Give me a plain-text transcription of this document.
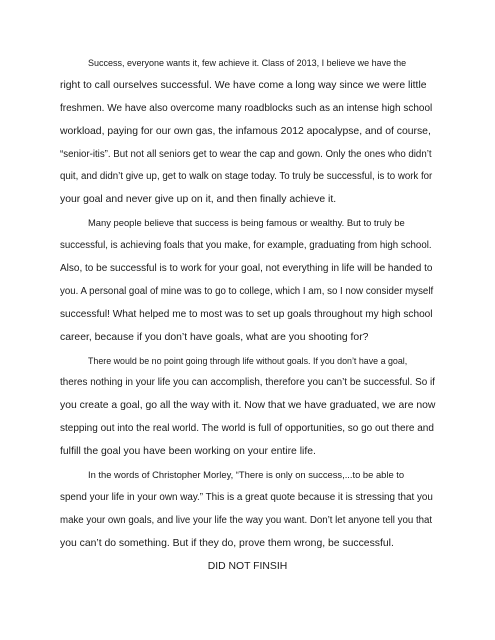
Success, everyone wants it, few achieve it. Class of 2013, I believe we have the
right to call ourselves successful. We have come a long way since we were little
freshmen. We have also overcome many roadblocks such as an intense high school
workload, paying for our own gas, the infamous 2012 apocalypse, and of course,
“senior-itis”. But not all seniors get to wear the cap and gown. Only the ones who didn’t
quit, and didn’t give up, get to walk on stage today. To truly be successful, is to work for
your goal and never give up on it, and then finally achieve it.
Many people believe that success is being famous or wealthy. But to truly be
successful, is achieving foals that you make, for example, graduating from high school.
Also, to be successful is to work for your goal, not everything in life will be handed to
you. A personal goal of mine was to go to college, which I am, so I now consider myself
successful! What helped me to most was to set up goals throughout my high school
career, because if you don’t have goals, what are you shooting for?
There would be no point going through life without goals. If you don’t have a goal,
theres nothing in your life you can accomplish, therefore you can’t be successful. So if
you create a goal, go all the way with it. Now that we have graduated, we are now
stepping out into the real world. The world is full of opportunities, so go out there and
fulfill the goal you have been working on your entire life.
In the words of Christopher Morley, “There is only on success,...to be able to
spend your life in your own way.” This is a great quote because it is stressing that you
make your own goals, and live your life the way you want. Don’t let anyone tell you that
you can’t do something. But if they do, prove them wrong, be successful.
DID NOT FINSIH
